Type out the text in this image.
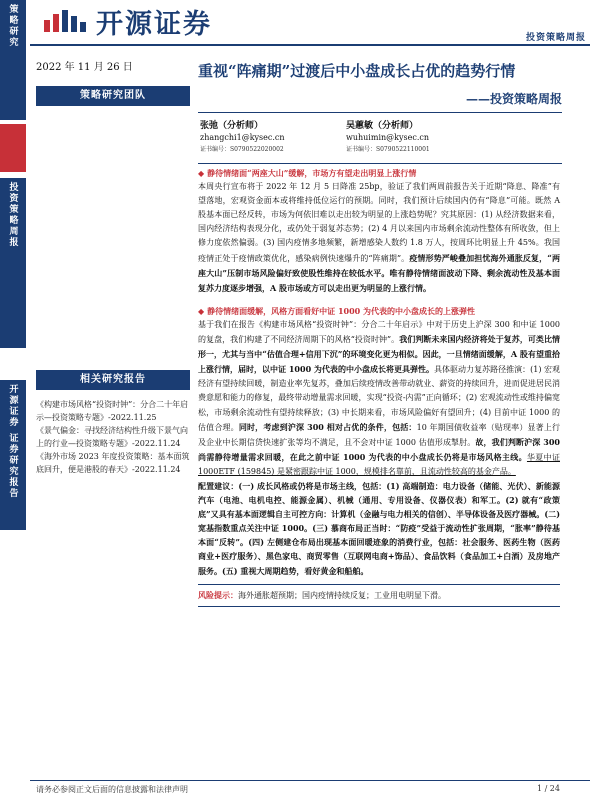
开源证券	投资策略周报
策略研究
投资策略周报
开源证券 证券研究报告
2022 年 11 月 26 日
策略研究团队
相关研究报告

《构建市场风格“投资时钟”：分合二十年启示—投资策略专题》-2022.11.25

《景气偏金：寻找经济结构性升级下景气向上的行业—投资策略专题》-2022.11.24

《海外市场 2023 年度投资策略：基本面筑底回升，便是港股的春天》-2022.11.24

重视“阵痛期”过渡后中小盘成长占优的趋势行情
——投资策略周报
张弛（分析师）
zhangchi1@kysec.cn
证书编号：S0790522020002
吴蕙敏（分析师）
wuhuimin@kysec.cn
证书编号：S0790522110001

◆ 静待情绪面“两座大山”缓解，市场方有望走出明显上涨行情

本周央行宣布将于 2022 年 12 月 5 日降准 25bp，验证了我们两周前报告关于近期“降息、降准”有望落地，宏观资金面本或将维持低位运行的预期。同时，我们预计后续国内仍有“降息”可能。既然 A 股基本面已经反转，市场为何依旧难以走出较为明显的上涨趋势呢？究其原因：(1) 从经济数据来看，国内经济结构表现分化，或仍处于弱复苏态势；(2) 4 月以来国内市场剩余流动性整体有所收敛，但上修力度依然偏弱。(3) 国内疫情多地频繁，新增感染人数约 1.8 万人，按周环比明显上升 45%。我国疫情正处于疫情政策优化，感染病例快速爆升的“阵痛期”。疫情形势严峻叠加担忧海外通胀反复，“两座大山”压制市场风险偏好致使股性维持在较低水平。唯有静待情绪面波动下降、剩余流动性及基本面复苏力度逐步增强，A 股市场或方可以走出更为明显的上涨行情。

◆ 静待情绪面缓解，风格方面看好中证 1000 为代表的中小盘成长的上涨弹性

基于我们在报告《构建市场风格“投资时钟”：分合二十年启示》中对于历史上沪深 300 和中证 1000 的复盘，我们构建了不同经济周期下的风格“投资时钟”。我们判断未来国内经济将处于复苏，可类比情形一，尤其与当中“估值合理+信用下沉”的环境变化更为相似。因此，一旦情绪面缓解，A 股有望重拾上涨行情，届时，以中证 1000 为代表的中小盘成长将更具弹性。具体驱动力复苏路径推演：(1) 宏观经济有望持续回暖，制造业率先复苏，叠加后续疫情改善带动就业、薪资的持续回升，进而促进居民消费意愿和能力的修复，最终带动增量需求回暖，实现“投资-内需”正向循环；(2) 宏观流动性或维持偏宽松，市场剩余流动性有望持续释放；(3) 中长期来看，市场风险偏好有望回升；(4) 目前中证 1000 的估值合理。同时，考虑到沪深 300 相对占优的条件，包括：10 年期国债收益率（贴现率）显著上行及企业中长期信贷快速扩张等均不满足，且不会对中证 1000 估值形成掣肘。故，我们判断沪深 300 尚需静待增量需求回暖，在此之前中证 1000 为代表的中小盘成长仍将是市场风格主线。华夏中证 1000ETF (159845) 是紧密跟踪中证 1000，规模排名靠前，且流动性较高的基金产品。

配置建议：(一) 成长风格或仍将是市场主线，包括：(1) 高端制造：电力设备（储能、光伏）、新能源汽车（电池、电机电控、能源金属）、机械（通用、专用设备、仪器仪表）和军工。(2) 就有“政策底”又具有基本面逻辑自主可控方向：计算机（金融与电力相关的信创）、半导体设备及医疗器械。(二) 宽基指数重点关注中证 1000。(三) 慕商布局正当时：“防疫”受益于流动性扩张周期，“胀率”静待基本面“反转”。(四) 左侧建仓布局出现基本面回暖迹象的消费行业，包括：社会服务、医药生物（医药商业+医疗服务）、黑色家电、商贸零售（互联网电商+饰品）、食品饮料（食品加工+白酒）及房地产服务。(五) 重视大周期趋势，看好黄金和船舶。

风险提示：海外通胀超预期；国内疫情持续反复；工业用电明显下滑。
请务必参阅正文后面的信息披露和法律声明	1 / 24
